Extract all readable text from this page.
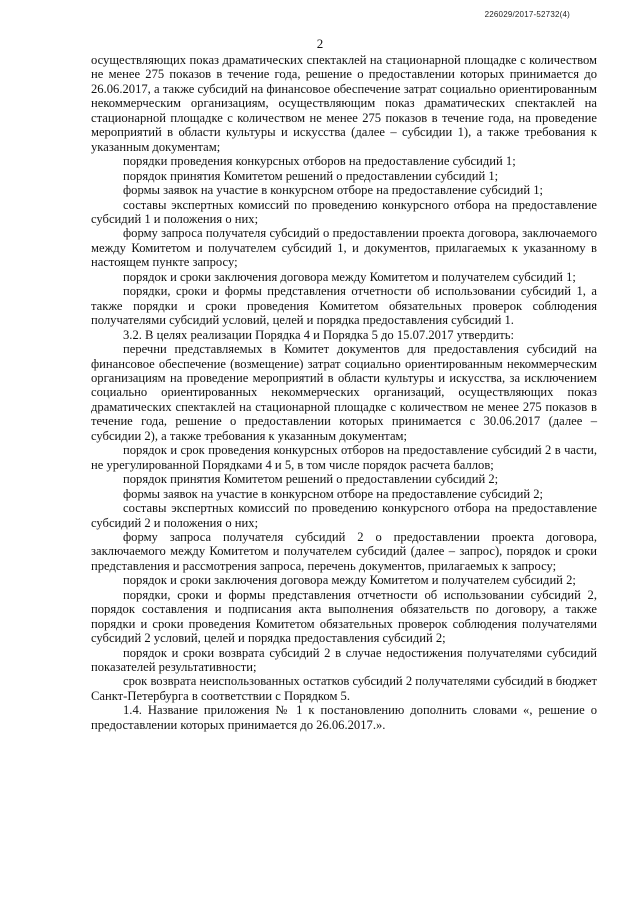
226029/2017-52732(4)
2

осуществляющих показ драматических спектаклей на стационарной площадке с количеством не менее 275 показов в течение года, решение о предоставлении которых принимается до 26.06.2017, а также субсидий на финансовое обеспечение затрат социально ориентированным некоммерческим организациям, осуществляющим показ драматических спектаклей на стационарной площадке с количеством не менее 275 показов в течение года, на проведение мероприятий в области культуры и искусства (далее – субсидии 1), а также требования к указанным документам;

порядки проведения конкурсных отборов на предоставление субсидий 1;

порядок принятия Комитетом решений о предоставлении субсидий 1;

формы заявок на участие в конкурсном отборе на предоставление субсидий 1;

составы экспертных комиссий по проведению конкурсного отбора на предоставление субсидий 1 и положения о них;

форму запроса получателя субсидий о предоставлении проекта договора, заключаемого между Комитетом и получателем субсидий 1, и документов, прилагаемых к указанному в настоящем пункте запросу;

порядок и сроки заключения договора между Комитетом и получателем субсидий 1;

порядки, сроки и формы представления отчетности об использовании субсидий 1, а также порядки и сроки проведения Комитетом обязательных проверок соблюдения получателями субсидий условий, целей и порядка предоставления субсидий 1.

3.2. В целях реализации Порядка 4 и Порядка 5 до 15.07.2017 утвердить:

перечни представляемых в Комитет документов для предоставления субсидий на финансовое обеспечение (возмещение) затрат социально ориентированным некоммерческим организациям на проведение мероприятий в области культуры и искусства, за исключением социально ориентированных некоммерческих организаций, осуществляющих показ драматических спектаклей на стационарной площадке с количеством не менее 275 показов в течение года, решение о предоставлении которых принимается с 30.06.2017 (далее – субсидии 2), а также требования к указанным документам;

порядок и срок проведения конкурсных отборов на предоставление субсидий 2 в части, не урегулированной Порядками 4 и 5, в том числе порядок расчета баллов;

порядок принятия Комитетом решений о предоставлении субсидий 2;

формы заявок на участие в конкурсном отборе на предоставление субсидий 2;

составы экспертных комиссий по проведению конкурсного отбора на предоставление субсидий 2 и положения о них;

форму запроса получателя субсидий 2 о предоставлении проекта договора, заключаемого между Комитетом и получателем субсидий (далее – запрос), порядок и сроки представления и рассмотрения запроса, перечень документов, прилагаемых к запросу;

порядок и сроки заключения договора между Комитетом и получателем субсидий 2;

порядки, сроки и формы представления отчетности об использовании субсидий 2, порядок составления и подписания акта выполнения обязательств по договору, а также порядки и сроки проведения Комитетом обязательных проверок соблюдения получателями субсидий 2 условий, целей и порядка предоставления субсидий 2;

порядок и сроки возврата субсидий 2 в случае недостижения получателями субсидий показателей результативности;

срок возврата неиспользованных остатков субсидий 2 получателями субсидий в бюджет Санкт-Петербурга в соответствии с Порядком 5.

1.4. Название приложения № 1 к постановлению дополнить словами «, решение о предоставлении которых принимается до 26.06.2017.».
